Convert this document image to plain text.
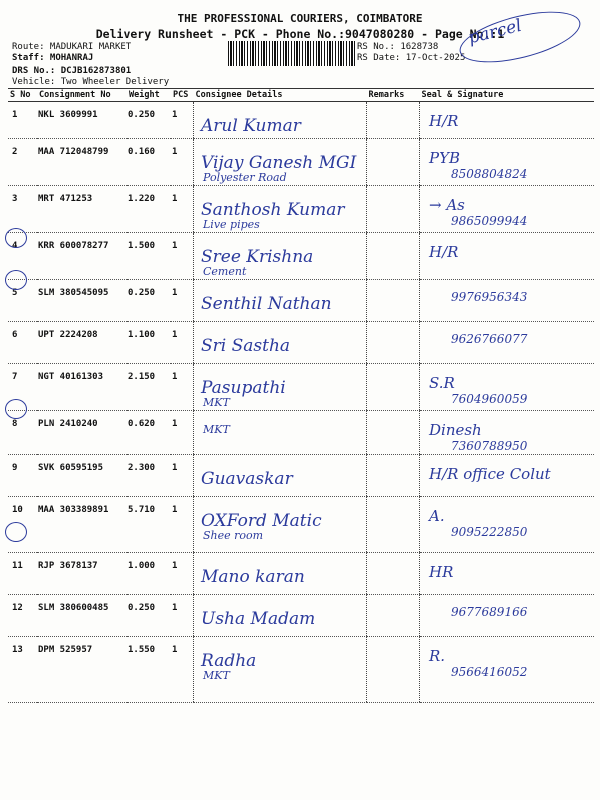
THE PROFESSIONAL COURIERS, COIMBATORE
Delivery Runsheet - PCK - Phone No.:9047080280 - Page No.:1
Route: MADUKARI MARKET
Staff: MOHANRAJ
DRS No.: DCJB162873801
Vehicle: Two Wheeler Delivery
RS No.: 1628738
RS Date: 17-Oct-2025
parcel
S No	Consignment No	Weight	PCS	Consignee Details	Remarks	Seal & Signature
1	NKL 3609991	0.250	1	Arul Kumar		H/R

2	MAA 712048799	0.160	1	Vijay Ganesh MGI
Polyester Road		PYB
8508804824

3	MRT 471253	1.220	1	Santhosh Kumar
Live pipes		→ As
9865099944

4	KRR 600078277	1.500	1	Sree Krishna
Cement		H/R

5	SLM 380545095	0.250	1	Senthil Nathan		9976956343

6	UPT 2224208	1.100	1	Sri Sastha		9626766077

7	NGT 40161303	2.150	1	Pasupathi
MKT		S.R
7604960059

8	PLN 2410240	0.620	1	MKT		Dinesh
7360788950

9	SVK 60595195	2.300	1	Guavaskar		H/R office Colut

10	MAA 303389891	5.710	1	OXFord Matic
Shee room		A.
9095222850

11	RJP 3678137	1.000	1	Mano karan		HR

12	SLM 380600485	0.250	1	Usha Madam		9677689166

13	DPM 525957	1.550	1	Radha
MKT		R.
9566416052
